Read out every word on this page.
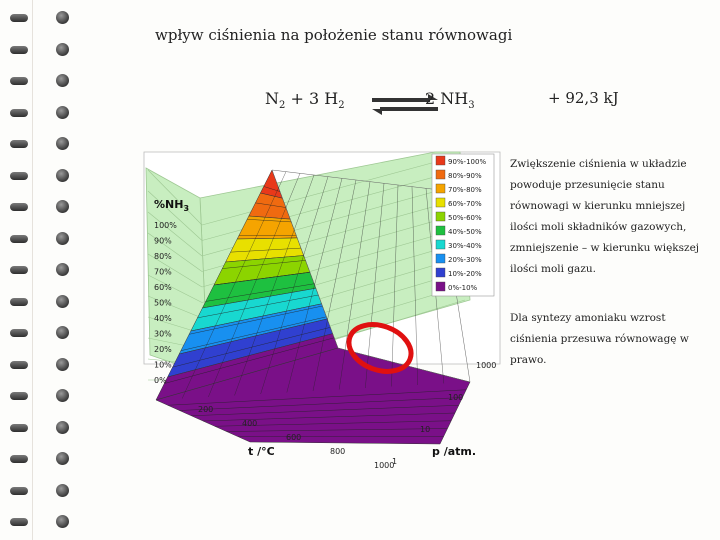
wpływ ciśnienia na położenie stanu równowagi
$N_2 + 3$ $H_2$	2 $NH_3$	+ 92,3 kJ
100%
90%
80%
70%
60%
50%
40%
30%
20%
10%
0%
$\%NH_3$
200
400
600
800
1000
1000
100
10
1
t /°C	p /atm.
90%-100%
80%-90%
70%-80%
60%-70%
50%-60%
40%-50%
30%-40%
20%-30%
10%-20%
0%-10%
Zwiększenie ciśnienia w układzie powoduje przesunięcie stanu równowagi w kierunku mniejszej ilości moli składników gazowych, zmniejszenie – w kierunku większej ilości moli gazu.
Dla syntezy amoniaku wzrost ciśnienia przesuwa równowagę w prawo.
